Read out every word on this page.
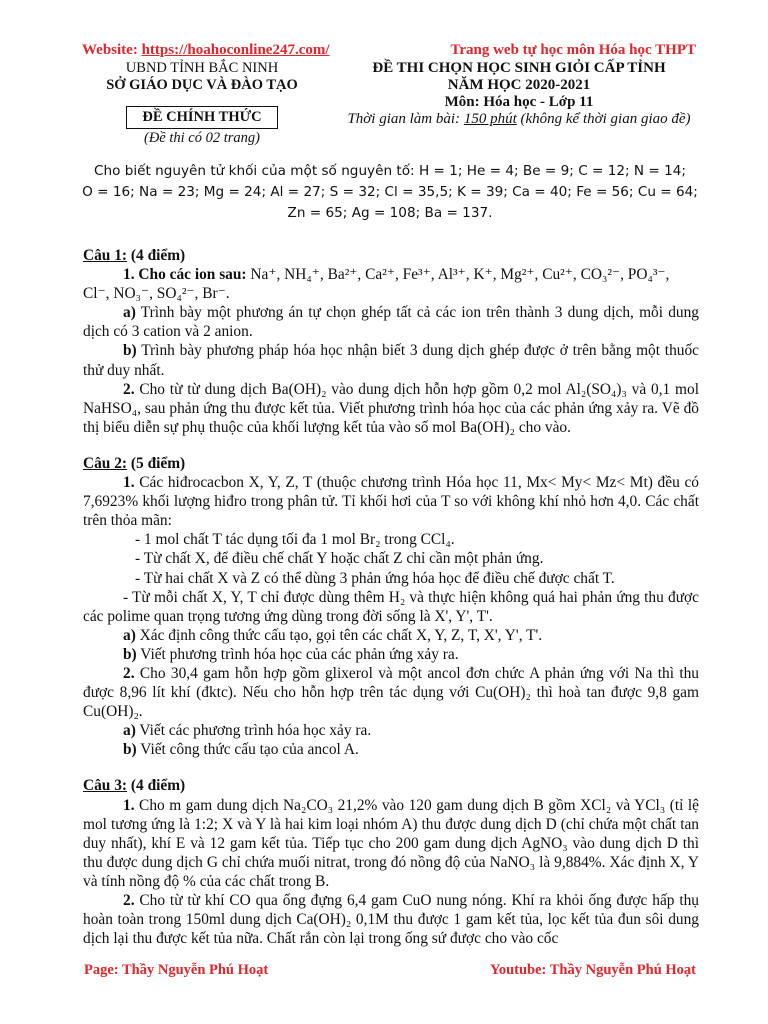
Website: https://hoahoconline247.com/	Trang web tự học môn Hóa học THPT
UBND TỈNH BẮC NINH
SỞ GIÁO DỤC VÀ ĐÀO TẠO
ĐỀ CHÍNH THỨC
(Đề thi có 02 trang)
ĐỀ THI CHỌN HỌC SINH GIỎI CẤP TỈNH
NĂM HỌC 2020-2021
Môn: Hóa học - Lớp 11
Thời gian làm bài: 150 phút (không kể thời gian giao đề)
Cho biết nguyên tử khối của một số nguyên tố: H = 1; He = 4; Be = 9; C = 12; N = 14;
O = 16; Na = 23; Mg = 24; Al = 27; S = 32; Cl = 35,5; K = 39; Ca = 40; Fe = 56; Cu = 64;
Zn = 65; Ag = 108; Ba = 137.

Câu 1: (4 điểm)

1. Cho các ion sau: Na⁺, NH₄⁺, Ba²⁺, Ca²⁺, Fe³⁺, Al³⁺, K⁺, Mg²⁺, Cu²⁺, CO₃²⁻, PO₄³⁻,

Cl⁻, NO₃⁻, SO₄²⁻, Br⁻.

a) Trình bày một phương án tự chọn ghép tất cả các ion trên thành 3 dung dịch, mỗi dung dịch có 3 cation và 2 anion.

b) Trình bày phương pháp hóa học nhận biết 3 dung dịch ghép được ở trên bằng một thuốc thử duy nhất.

2. Cho từ từ dung dịch Ba(OH)₂ vào dung dịch hỗn hợp gồm 0,2 mol Al₂(SO₄)₃ và 0,1 mol NaHSO₄, sau phản ứng thu được kết tủa. Viết phương trình hóa học của các phản ứng xảy ra. Vẽ đồ thị biểu diễn sự phụ thuộc của khối lượng kết tủa vào số mol Ba(OH)₂ cho vào.

Câu 2: (5 điểm)

1. Các hiđrocacbon X, Y, Z, T (thuộc chương trình Hóa học 11, Mx< My< Mz< Mt) đều có 7,6923% khối lượng hiđro trong phân tử. Tỉ khối hơi của T so với không khí nhỏ hơn 4,0. Các chất trên thỏa mãn:

- 1 mol chất T tác dụng tối đa 1 mol Br₂ trong CCl₄.

- Từ chất X, để điều chế chất Y hoặc chất Z chỉ cần một phản ứng.

- Từ hai chất X và Z có thể dùng 3 phản ứng hóa học để điều chế được chất T.

- Từ mỗi chất X, Y, T chỉ được dùng thêm H₂ và thực hiện không quá hai phản ứng thu được các polime quan trọng tương ứng dùng trong đời sống là X', Y', T'.

a) Xác định công thức cấu tạo, gọi tên các chất X, Y, Z, T, X', Y', T'.

b) Viết phương trình hóa học của các phản ứng xảy ra.

2. Cho 30,4 gam hỗn hợp gồm glixerol và một ancol đơn chức A phản ứng với Na thì thu được 8,96 lít khí (đktc). Nếu cho hỗn hợp trên tác dụng với Cu(OH)₂ thì hoà tan được 9,8 gam Cu(OH)₂.

a) Viết các phương trình hóa học xảy ra.

b) Viết công thức cấu tạo của ancol A.

Câu 3: (4 điểm)

1. Cho m gam dung dịch Na₂CO₃ 21,2% vào 120 gam dung dịch B gồm XCl₂ và YCl₃ (tỉ lệ mol tương ứng là 1:2; X và Y là hai kim loại nhóm A) thu được dung dịch D (chỉ chứa một chất tan duy nhất), khí E và 12 gam kết tủa. Tiếp tục cho 200 gam dung dịch AgNO₃ vào dung dịch D thì thu được dung dịch G chỉ chứa muối nitrat, trong đó nồng độ của NaNO₃ là 9,884%. Xác định X, Y và tính nồng độ % của các chất trong B.

2. Cho từ từ khí CO qua ống đựng 6,4 gam CuO nung nóng. Khí ra khỏi ống được hấp thụ hoàn toàn trong 150ml dung dịch Ca(OH)₂ 0,1M thu được 1 gam kết tủa, lọc kết tủa đun sôi dung dịch lại thu được kết tủa nữa. Chất rắn còn lại trong ống sứ được cho vào cốc

Page: Thầy Nguyễn Phú Hoạt	Youtube: Thầy Nguyễn Phú Hoạt
